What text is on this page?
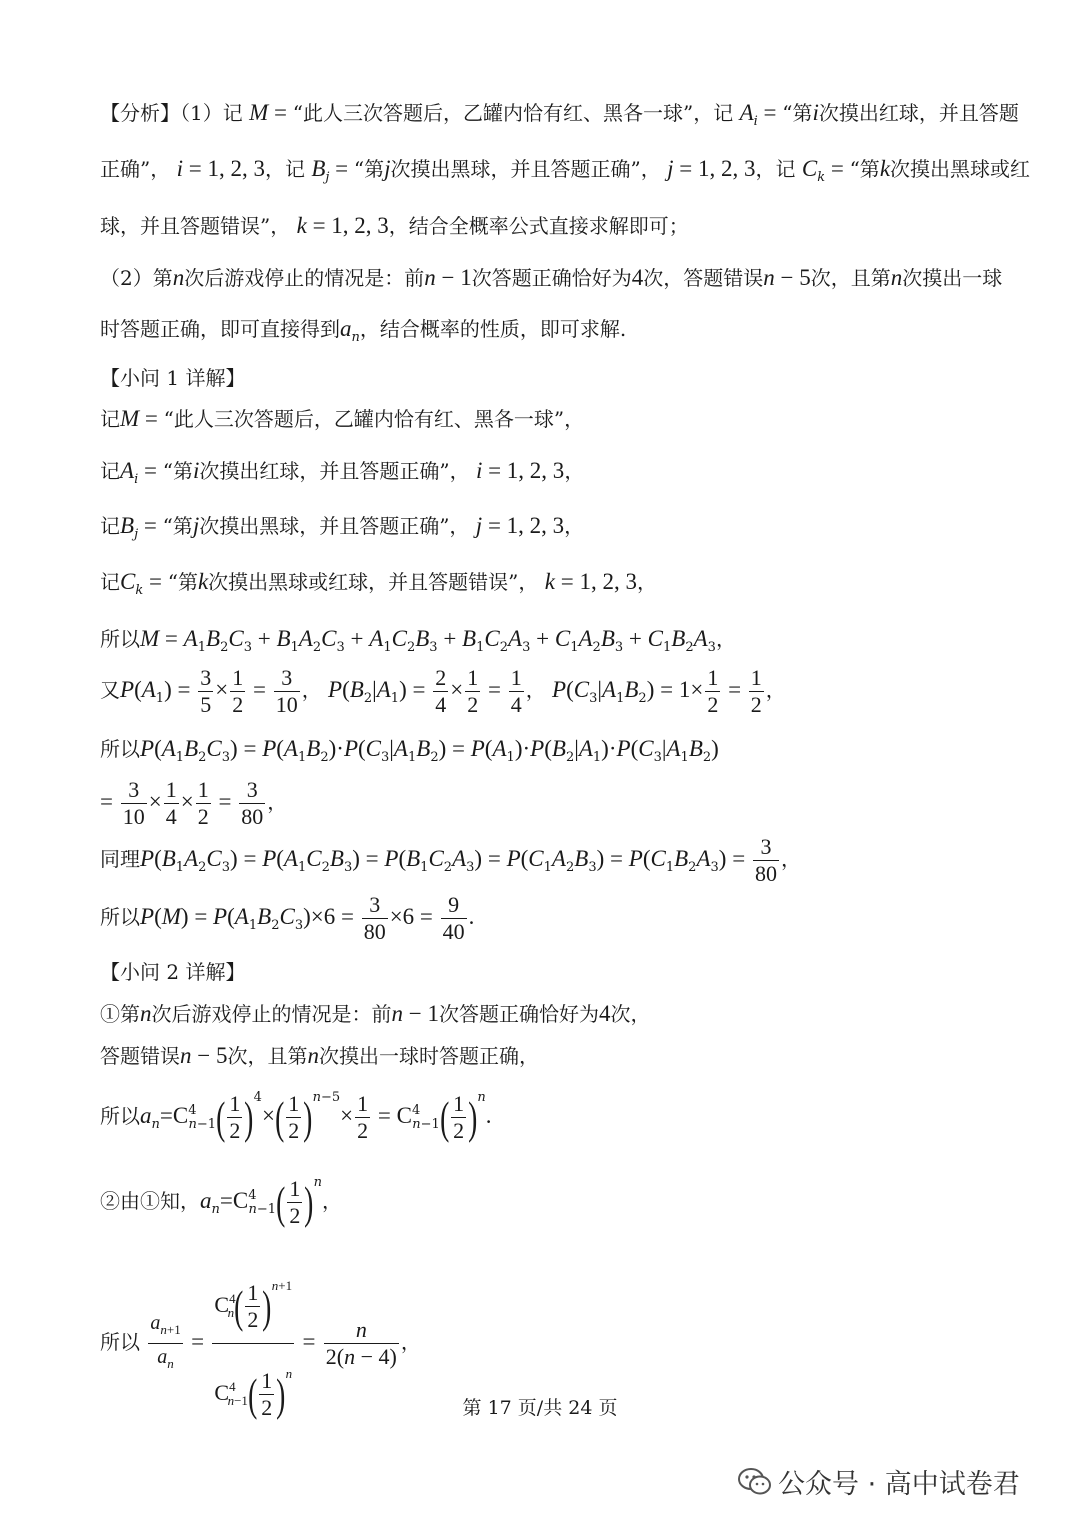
【分析】（1）记 M = “此人三次答题后，乙罐内恰有红、黑各一球”，记 $A_i$ = “第i次摸出红球，并且答题
正确”， i = 1, 2, 3，记 $B_j$ = “第j次摸出黑球，并且答题正确”， j = 1, 2, 3，记 $C_k$ = “第k次摸出黑球或红
球，并且答题错误”， k = 1, 2, 3，结合全概率公式直接求解即可；
（2）第n次后游戏停止的情况是：前n − 1次答题正确恰好为4次，答题错误n − 5次，且第n次摸出一球
时答题正确，即可直接得到$a_n$，结合概率的性质，即可求解.
【小问 1 详解】
记M = “此人三次答题后，乙罐内恰有红、黑各一球”，
记$A_i$ = “第i次摸出红球，并且答题正确”， i = 1, 2, 3，
记$B_j$ = “第j次摸出黑球，并且答题正确”， j = 1, 2, 3，
记$C_k$ = “第k次摸出黑球或红球，并且答题错误”， k = 1, 2, 3，
所以$M = A_1B_2C_3 + B_1A_2C_3 + A_1C_2B_3 + B_1C_2A_3 + C_1A_2B_3 + C_1B_2A_3$，
又$P(A_1) = \frac{3}{5} \times \frac{1}{2} = \frac{3}{10}$ ， $P(B_2|A_1) = \frac{2}{4} \times \frac{1}{2} = \frac{1}{4}$ ， $P(C_3|A_1B_2) = 1\times \frac{1}{2} = \frac{1}{2}$ ，
所以$P(A_1B_2C_3) = P(A_1B_2)\cdot P(C_3|A_1B_2) = P(A_1)\cdot P(B_2|A_1)\cdot P(C_3|A_1B_2)$
= $\frac{3}{10} \times \frac{1}{4} \times \frac{1}{2} = \frac{3}{80}$ ，
同理$P(B_1A_2C_3) = P(A_1C_2B_3) = P(B_1C_2A_3) = P(C_1A_2B_3) = P(C_1B_2A_3) = \frac{3}{80}$ ，
所以$P(M) = P(A_1B_2C_3)\times 6 = \frac{3}{80} \times 6 = \frac{9}{40}$ .
【小问 2 详解】
①第n次后游戏停止的情况是：前n − 1次答题正确恰好为4次，
答题错误n − 5次，且第n次摸出一球时答题正确，
所以$a_n=C^4_{n-1}( \frac{1}{2} )^4\times( \frac{1}{2} )^{n-5}\times \frac{1}{2} = C^4_{n-1}( \frac{1}{2} )^n$.
②由①知，$a_n=C^4_{n-1}( \frac{1}{2} )^n$，
所以 $\frac{a_{n+1}}{a_n} = \frac{C^4_n( \frac{1}{2} )^{n+1}}{C^4_{n-1}( \frac{1}{2} )^n} = \frac{n}{2(n - 4)}$ ，
第 17 页/共 24 页
公众号 · 高中试卷君
